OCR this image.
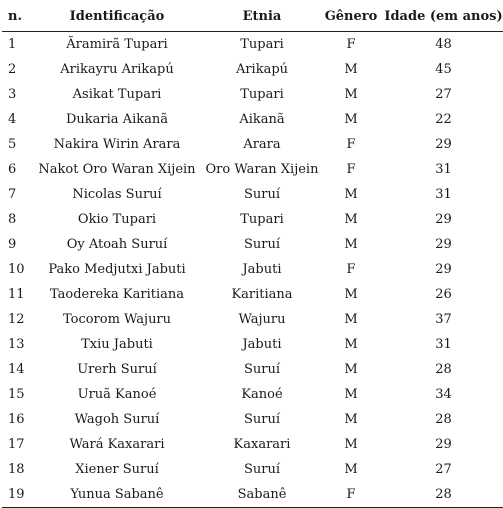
n.	Identificação	Etnia	Gênero	Idade (em anos)
1	Ãramirã Tupari	Tupari	F	48
2	Arikayru Arikapú	Arikapú	M	45
3	Asikat Tupari	Tupari	M	27
4	Dukaria Aikanã	Aikanã	M	22
5	Nakira Wirin Arara	Arara	F	29
6	Nakot Oro Waran Xijein	Oro Waran Xijein	F	31
7	Nicolas Suruí	Suruí	M	31
8	Okio Tupari	Tupari	M	29
9	Oy Atoah Suruí	Suruí	M	29
10	Pako Medjutxi Jabuti	Jabuti	F	29
11	Taodereka Karitiana	Karitiana	M	26
12	Tocorom Wajuru	Wajuru	M	37
13	Txiu Jabuti	Jabuti	M	31
14	Urerh Suruí	Suruí	M	28
15	Uruã Kanoé	Kanoé	M	34
16	Wagoh Suruí	Suruí	M	28
17	Wará Kaxarari	Kaxarari	M	29
18	Xiener Suruí	Suruí	M	27
19	Yunua Sabanê	Sabanê	F	28
